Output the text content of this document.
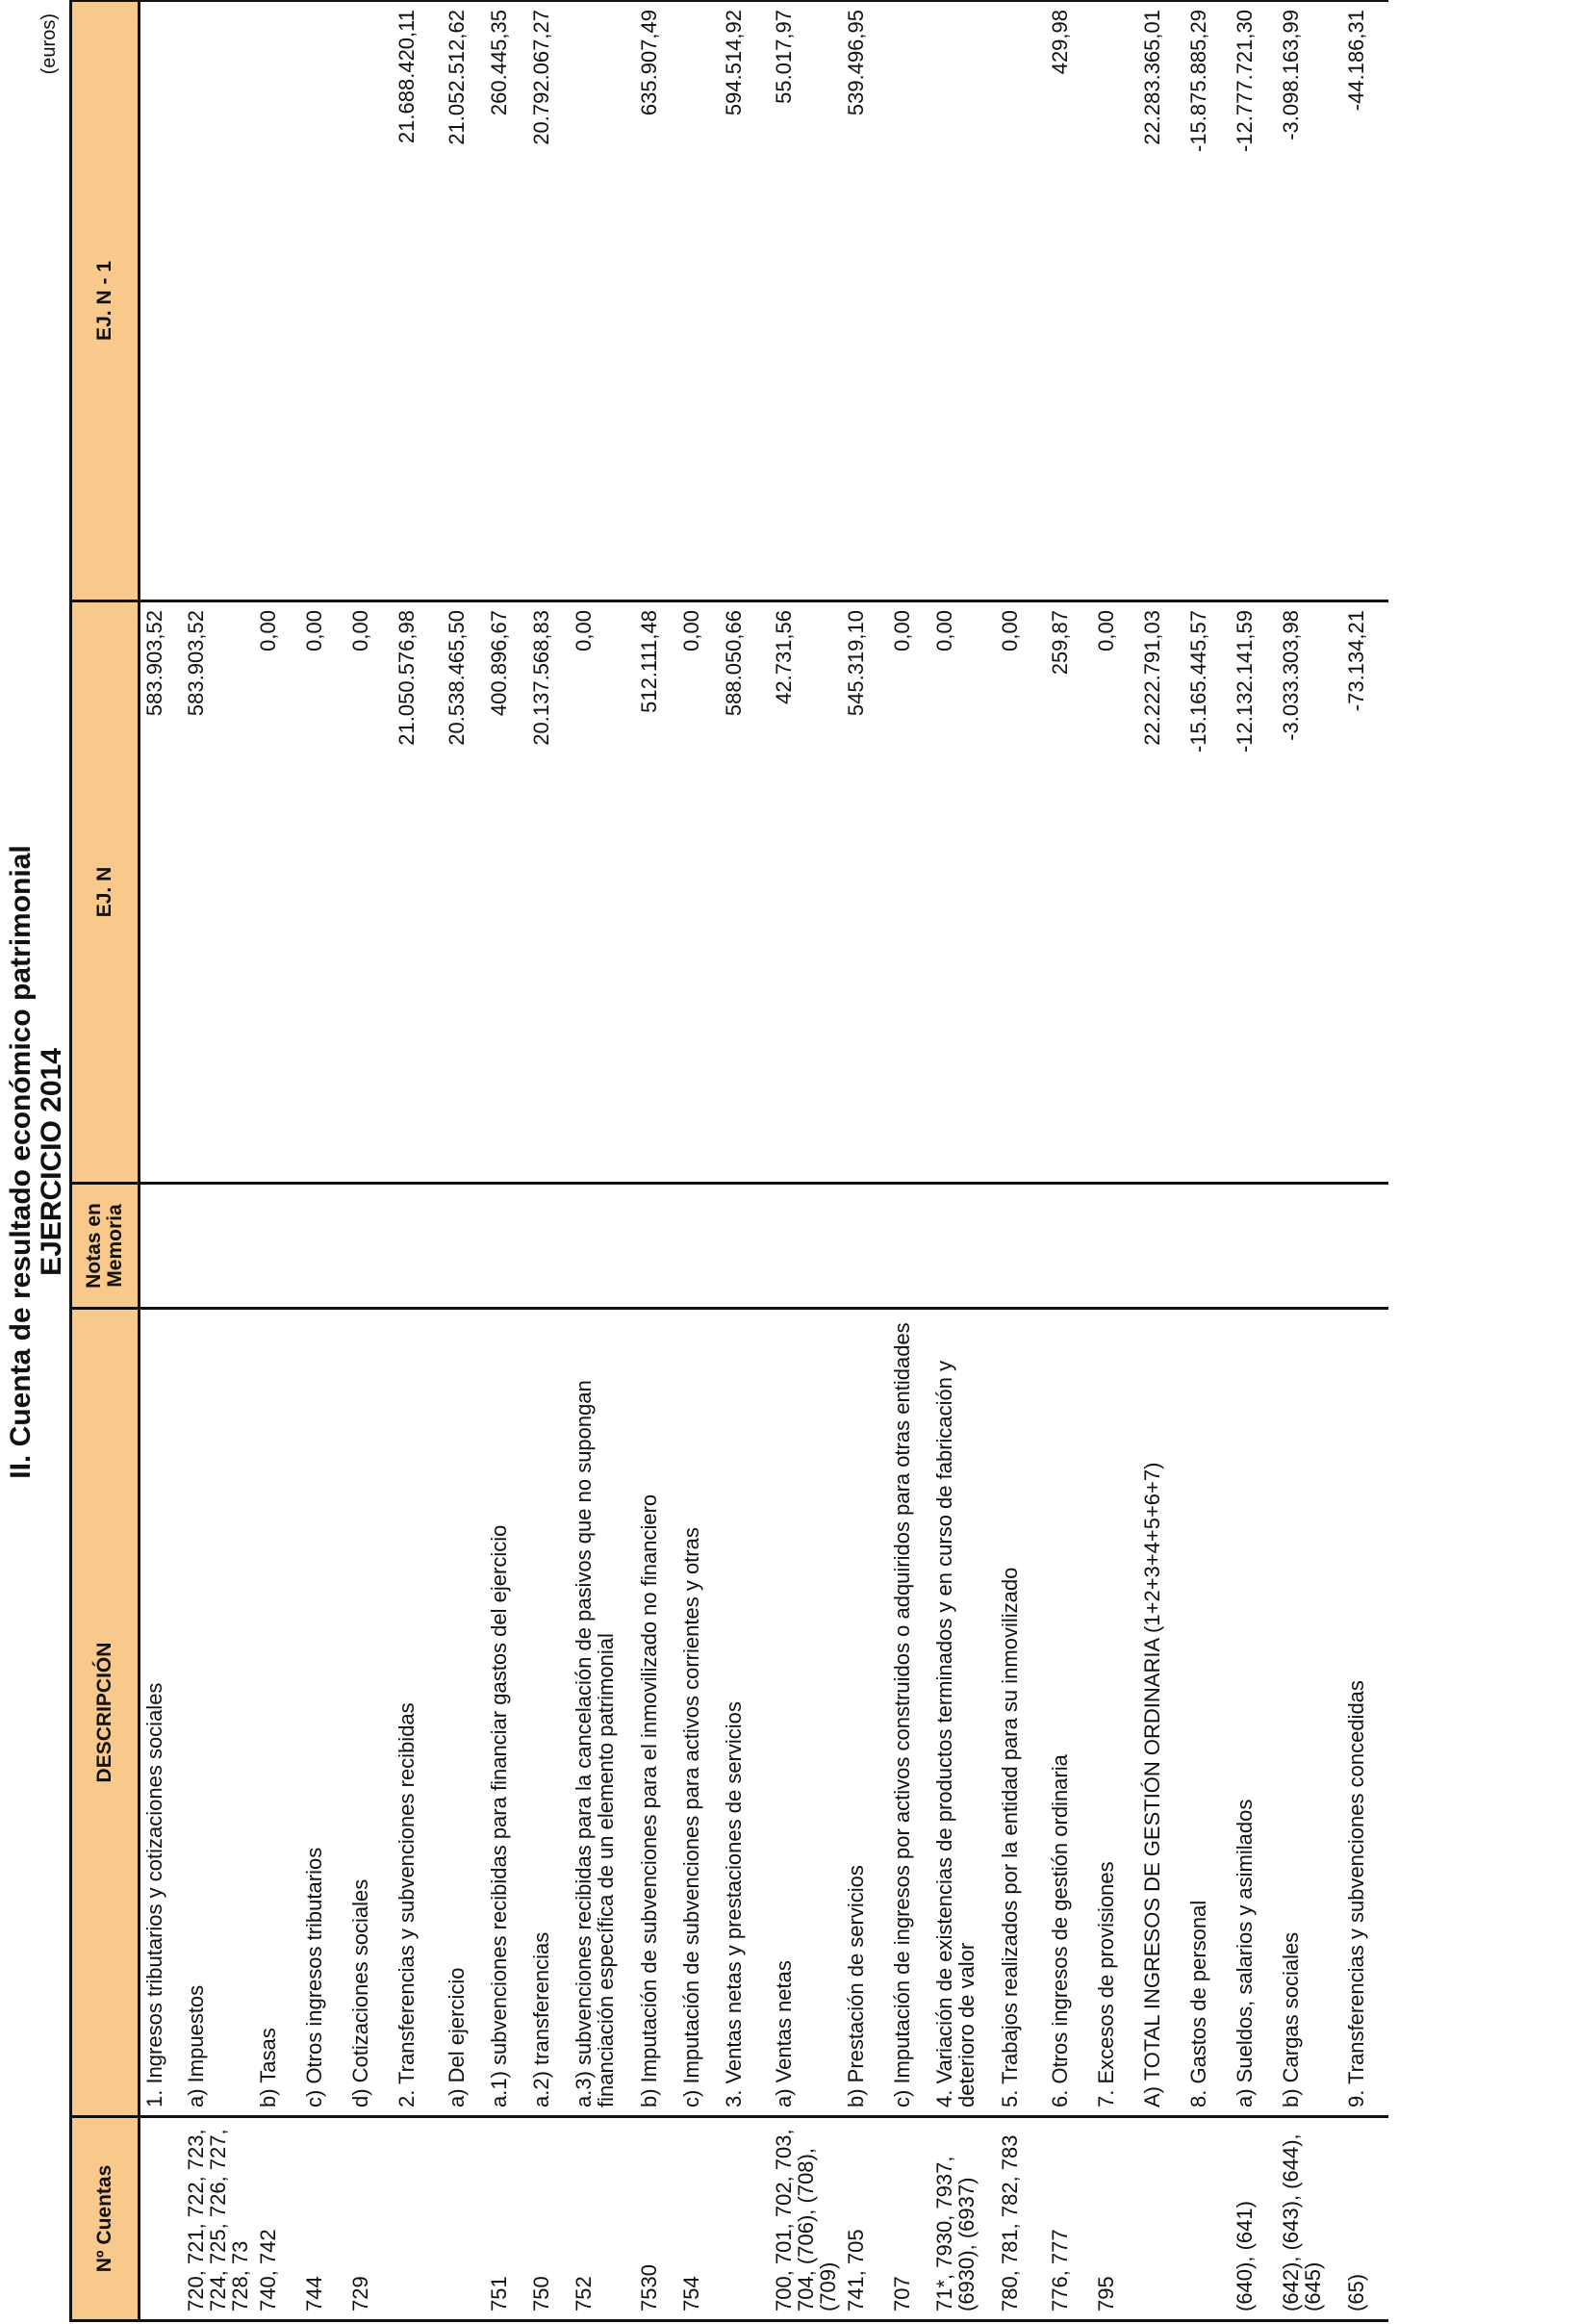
II. Cuenta de resultado económico patrimonial EJERCICIO 2014
(euros)
Nº Cuentas	DESCRIPCIÓN	Notas en Memoria	EJ. N	EJ. N - 1
	1. Ingresos tributarios y cotizaciones sociales		583.903,52	
720, 721, 722, 723, 724, 725, 726, 727, 728, 73	a) Impuestos		583.903,52	
740, 742	b) Tasas		0,00	
744	c) Otros ingresos tributarios		0,00	
729	d) Cotizaciones sociales		0,00	
	2. Transferencias y subvenciones recibidas		21.050.576,98	21.688.420,11
	a) Del ejercicio		20.538.465,50	21.052.512,62
751	a.1) subvenciones recibidas para financiar gastos del ejercicio		400.896,67	260.445,35
750	a.2) transferencias		20.137.568,83	20.792.067,27
752	a.3) subvenciones recibidas para la cancelación de pasivos que no supongan financiación específica de un elemento patrimonial		0,00	
7530	b) Imputación de subvenciones para el inmovilizado no financiero		512.111,48	635.907,49
754	c) Imputación de subvenciones para activos corrientes y otras		0,00	
	3. Ventas netas y prestaciones de servicios		588.050,66	594.514,92
700, 701, 702, 703, 704, (706), (708), (709)	a) Ventas netas		42.731,56	55.017,97
741, 705	b) Prestación de servicios		545.319,10	539.496,95
707	c) Imputación de ingresos por activos construidos o adquiridos para otras entidades		0,00	
71*, 7930, 7937, (6930), (6937)	4. Variación de existencias de productos terminados y en curso de fabricación y deterioro de valor		0,00	
780, 781, 782, 783	5. Trabajos realizados por la entidad para su inmovilizado		0,00	
776, 777	6. Otros ingresos de gestión ordinaria		259,87	429,98
795	7. Excesos de provisiones		0,00	
	A) TOTAL INGRESOS DE GESTIÓN ORDINARIA (1+2+3+4+5+6+7)		22.222.791,03	22.283.365,01
	8. Gastos de personal		-15.165.445,57	-15.875.885,29
(640), (641)	a) Sueldos, salarios y asimilados		-12.132.141,59	-12.777.721,30
(642), (643), (644), (645)	b) Cargas sociales		-3.033.303,98	-3.098.163,99
(65)	9. Transferencias y subvenciones concedidas		-73.134,21	-44.186,31
